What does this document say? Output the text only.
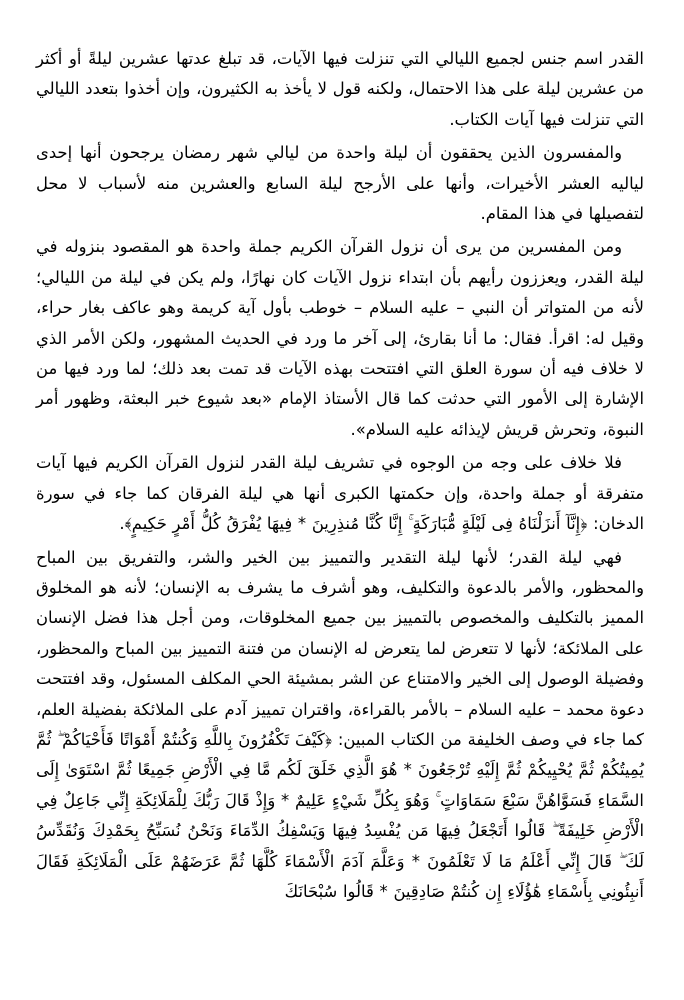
القدر اسم جنس لجميع الليالي التي تنزلت فيها الآيات، قد تبلغ عدتها عشرين ليلةً أو أكثر من عشرين ليلة على هذا الاحتمال، ولكنه قول لا يأخذ به الكثيرون، وإن أخذوا بتعدد الليالي التي تنزلت فيها آيات الكتاب.

والمفسرون الذين يحققون أن ليلة واحدة من ليالي شهر رمضان يرجحون أنها إحدى لياليه العشر الأخيرات، وأنها على الأرجح ليلة السابع والعشرين منه لأسباب لا محل لتفصيلها في هذا المقام.

ومن المفسرين من يرى أن نزول القرآن الكريم جملة واحدة هو المقصود بنزوله في ليلة القدر، ويعززون رأيهم بأن ابتداء نزول الآيات كان نهارًا، ولم يكن في ليلة من الليالي؛ لأنه من المتواتر أن النبي – عليه السلام – خوطب بأول آية كريمة وهو عاكف بغار حراء، وقيل له: اقرأ. فقال: ما أنا بقارئ، إلى آخر ما ورد في الحديث المشهور، ولكن الأمر الذي لا خلاف فيه أن سورة العلق التي افتتحت بهذه الآيات قد تمت بعد ذلك؛ لما ورد فيها من الإشارة إلى الأمور التي حدثت كما قال الأستاذ الإمام «بعد شيوع خبر البعثة، وظهور أمر النبوة، وتحرش قريش لإيذائه عليه السلام».

فلا خلاف على وجه من الوجوه في تشريف ليلة القدر لنزول القرآن الكريم فيها آيات متفرقة أو جملة واحدة، وإن حكمتها الكبرى أنها هي ليلة الفرقان كما جاء في سورة الدخان: ﴿إِنَّآ أَنزَلْنَاهُ فِى لَيْلَةٍ مُّبَارَكَةٍ ۚ إِنَّا كُنَّا مُنذِرِينَ * فِيهَا يُفْرَقُ كُلُّ أَمْرٍ حَكِيمٍ﴾.

فهي ليلة القدر؛ لأنها ليلة التقدير والتمييز بين الخير والشر، والتفريق بين المباح والمحظور، والأمر بالدعوة والتكليف، وهو أشرف ما يشرف به الإنسان؛ لأنه هو المخلوق المميز بالتكليف والمخصوص بالتمييز بين جميع المخلوقات، ومن أجل هذا فضل الإنسان على الملائكة؛ لأنها لا تتعرض لما يتعرض له الإنسان من فتنة التمييز بين المباح والمحظور، وفضيلة الوصول إلى الخير والامتناع عن الشر بمشيئة الحي المكلف المسئول، وقد افتتحت دعوة محمد – عليه السلام – بالأمر بالقراءة، واقتران تمييز آدم على الملائكة بفضيلة العلم، كما جاء في وصف الخليفة من الكتاب المبين: ﴿كَيْفَ تَكْفُرُونَ بِاللَّهِ وَكُنتُمْ أَمْوَاتًا فَأَحْيَاكُمْ ۖ ثُمَّ يُمِيتُكُمْ ثُمَّ يُحْيِيكُمْ ثُمَّ إِلَيْهِ تُرْجَعُونَ * هُوَ الَّذِي خَلَقَ لَكُم مَّا فِي الْأَرْضِ جَمِيعًا ثُمَّ اسْتَوَىٰ إِلَى السَّمَاءِ فَسَوَّاهُنَّ سَبْعَ سَمَاوَاتٍ ۚ وَهُوَ بِكُلِّ شَيْءٍ عَلِيمٌ * وَإِذْ قَالَ رَبُّكَ لِلْمَلَائِكَةِ إِنِّي جَاعِلٌ فِي الْأَرْضِ خَلِيفَةً ۖ قَالُوا أَتَجْعَلُ فِيهَا مَن يُفْسِدُ فِيهَا وَيَسْفِكُ الدِّمَاءَ وَنَحْنُ نُسَبِّحُ بِحَمْدِكَ وَنُقَدِّسُ لَكَ ۖ قَالَ إِنِّي أَعْلَمُ مَا لَا تَعْلَمُونَ * وَعَلَّمَ آدَمَ الْأَسْمَاءَ كُلَّهَا ثُمَّ عَرَضَهُمْ عَلَى الْمَلَائِكَةِ فَقَالَ أَنبِئُونِي بِأَسْمَاءِ هَٰؤُلَاءِ إِن كُنتُمْ صَادِقِينَ * قَالُوا سُبْحَانَكَ
